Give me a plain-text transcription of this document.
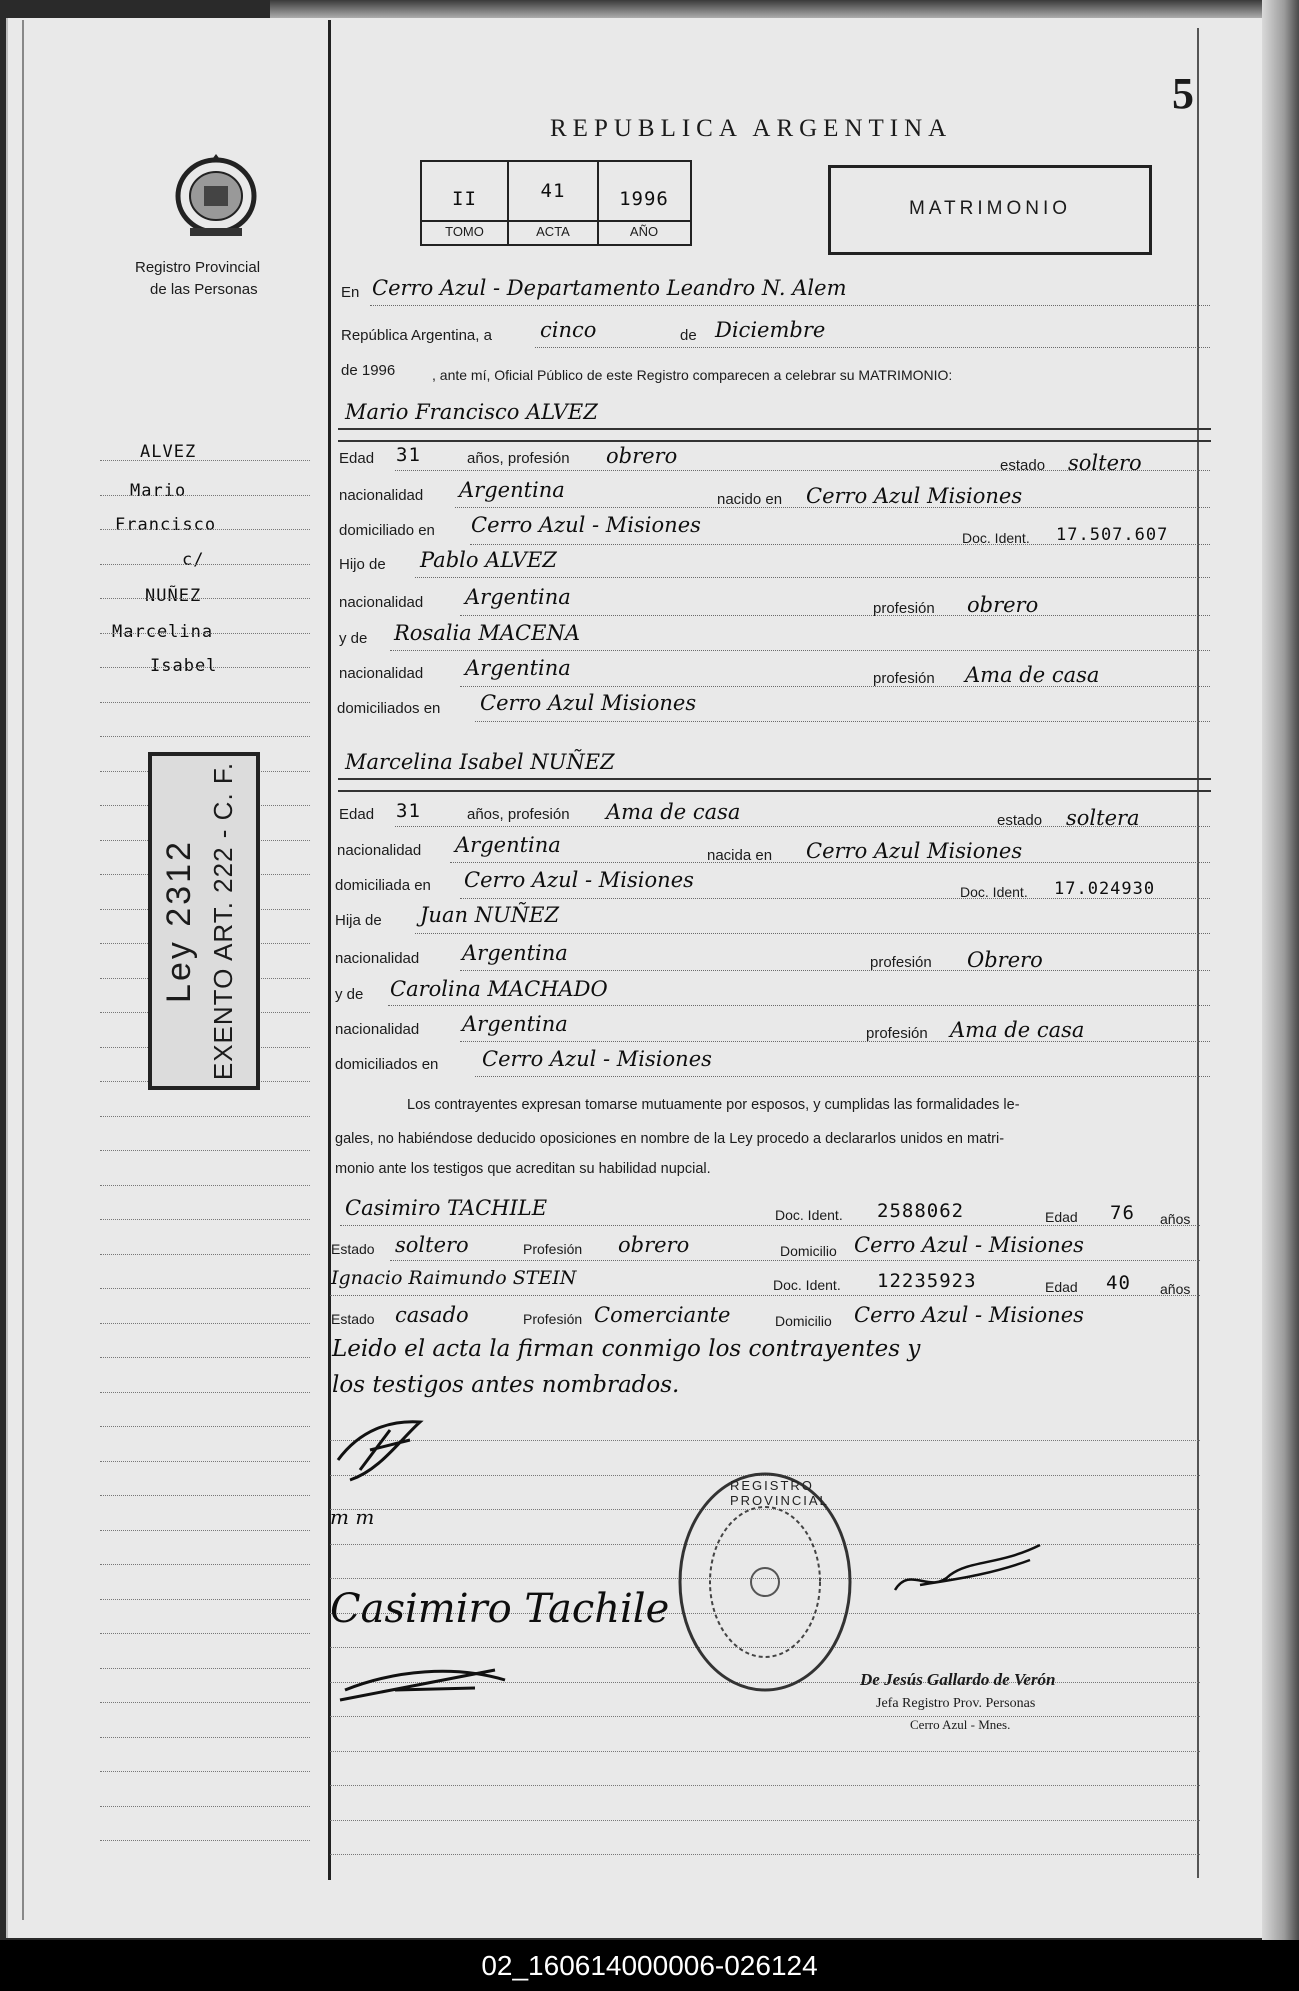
5
REPUBLICA ARGENTINA
Registro Provincial
de las Personas
II	41	1996
TOMO	ACTA	AÑO
MATRIMONIO
En Cerro Azul - Departamento Leandro N. Alem
República Argentina, a cinco	de Diciembre
de 1996	, ante mí, Oficial Público de este Registro comparecen a celebrar su MATRIMONIO:
ALVEZ
Mario
Francisco
c/
NUÑEZ
Marcelina
Isabel
Ley 2312 EXENTO ART. 222 - C. F.
Mario Francisco ALVEZ
Edad 31	años, profesión obrero	estado soltero
nacionalidad Argentina	nacido en Cerro Azul Misiones
domiciliado en Cerro Azul - Misiones
Doc. Ident. 17.507.607
Hijo de Pablo ALVEZ
nacionalidad Argentina	profesión obrero
y de Rosalia MACENA
nacionalidad Argentina	profesión Ama de casa
domiciliados en Cerro Azul Misiones
Marcelina Isabel NUÑEZ
Edad 31	años, profesión Ama de casa	estado soltera
nacionalidad Argentina	nacida en Cerro Azul Misiones
domiciliada en Cerro Azul - Misiones	Doc. Ident. 17.024930
Hija de Juan NUÑEZ
nacionalidad Argentina	profesión Obrero
y de Carolina MACHADO
nacionalidad Argentina	profesión Ama de casa
domiciliados en Cerro Azul - Misiones
Los contrayentes expresan tomarse mutuamente por esposos, y cumplidas las formalidades le-
gales, no habiéndose deducido oposiciones en nombre de la Ley procedo a declararlos unidos en matri-
monio ante los testigos que acreditan su habilidad nupcial.
Casimiro TACHILE	Doc. Ident. 2588062	Edad 76 años
Estado soltero	Profesión obrero	Domicilio Cerro Azul - Misiones
Ignacio Raimundo STEIN	Doc. Ident. 12235923	Edad 40 años
Estado casado	Profesión Comerciante	Domicilio Cerro Azul - Misiones
Leido el acta la firman conmigo los contrayentes y
los testigos antes nombrados.
m m
Casimiro Tachile
REGISTRO PROVINCIAL
De Jesús Gallardo de Verón
Jefa Registro Prov. Personas
Cerro Azul - Mnes.
02_160614000006-026124
